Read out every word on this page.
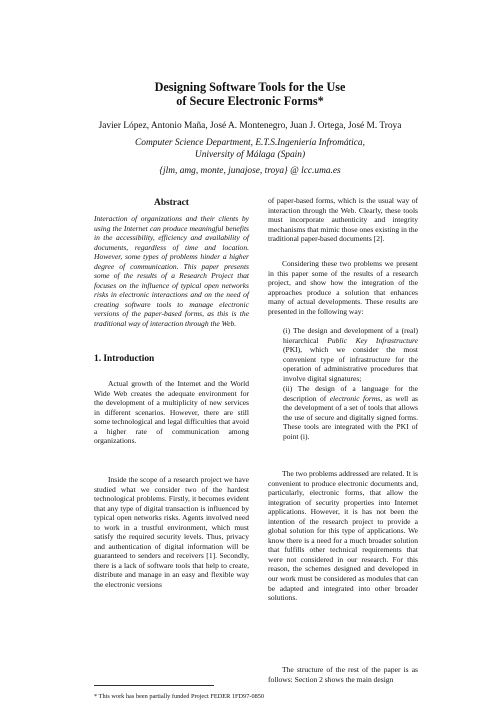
Designing Software Tools for the Use
of Secure Electronic Forms*
Javier López, Antonio Maña, José A. Montenegro, Juan J. Ortega, José M. Troya
Computer Science Department, E.T.S.Ingeniería Infromática,
University of Málaga (Spain)
{jlm, amg, monte, junajose, troya} @ lcc.uma.es
Abstract

Interaction of organizations and their clients by using the Internet can produce meaningful benefits in the accessibility, efficiency and availability of documents, regardless of time and location. However, some types of problems hinder a higher degree of communication. This paper presents some of the results of a Research Project that focuses on the influence of typical open networks risks in electronic interactions and on the need of creating software tools to manage electronic versions of the paper-based forms, as this is the traditional way of interaction through the Web.

1. Introduction

Actual growth of the Internet and the World Wide Web creates the adequate environment for the development of a multiplicity of new services in different scenarios. However, there are still some technological and legal difficulties that avoid a higher rate of communication among organizations.

Inside the scope of a research project we have studied what we consider two of the hardest technological problems. Firstly, it becomes evident that any type of digital transaction is influenced by typical open networks risks. Agents involved need to work in a trustful environment, which must satisfy the required security levels. Thus, privacy and authentication of digital information will be guaranteed to senders and receivers [1]. Secondly, there is a lack of software tools that help to create, distribute and manage in an easy and flexible way the electronic versions

of paper-based forms, which is the usual way of interaction through the Web. Clearly, these tools must incorporate authenticity and integrity mechanisms that mimic those ones existing in the traditional paper-based documents [2].

Considering these two problems we present in this paper some of the results of a research project, and show how the integration of the approaches produce a solution that enhances many of actual developments. These results are presented in the following way:

(i) The design and development of a (real) hierarchical Public Key Infrastructure (PKI), which we consider the most convenient type of infrastructure for the operation of administrative procedures that involve digital signatures;
(ii) The design of a language for the description of electronic forms, as well as the development of a set of tools that allows the use of secure and digitally signed forms. These tools are integrated with the PKI of point (i).

The two problems addressed are related. It is convenient to produce electronic documents and, particularly, electronic forms, that allow the integration of security properties into Internet applications. However, it is has not been the intention of the research project to provide a global solution for this type of applications. We know there is a need for a much broader solution that fulfills other technical requirements that were not considered in our research. For this reason, the schemes designed and developed in our work must be considered as modules that can be adapted and integrated into other broader solutions.

The structure of the rest of the paper is as follows: Section 2 shows the main design

* This work has been partially funded Project FEDER 1FD97-0850
